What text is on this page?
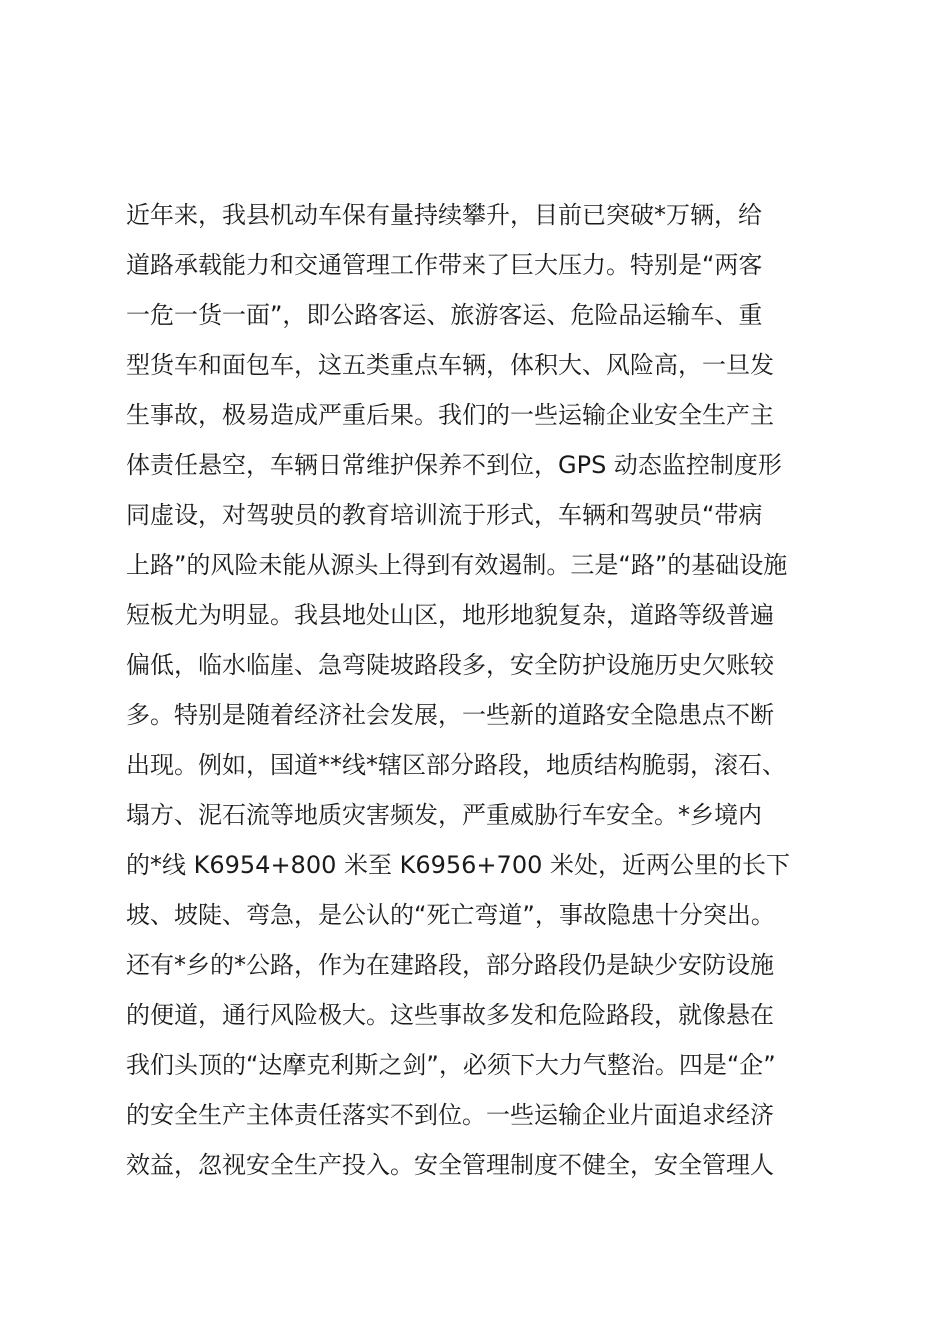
近年来，我县机动车保有量持续攀升，目前已突破*万辆，给
道路承载能力和交通管理工作带来了巨大压力。特别是“两客
一危一货一面”，即公路客运、旅游客运、危险品运输车、重
型货车和面包车，这五类重点车辆，体积大、风险高，一旦发
生事故，极易造成严重后果。我们的一些运输企业安全生产主
体责任悬空，车辆日常维护保养不到位，GPS 动态监控制度形
同虚设，对驾驶员的教育培训流于形式，车辆和驾驶员“带病
上路”的风险未能从源头上得到有效遏制。三是“路”的基础设施
短板尤为明显。我县地处山区，地形地貌复杂，道路等级普遍
偏低，临水临崖、急弯陡坡路段多，安全防护设施历史欠账较
多。特别是随着经济社会发展，一些新的道路安全隐患点不断
出现。例如，国道**线*辖区部分路段，地质结构脆弱，滚石、
塌方、泥石流等地质灾害频发，严重威胁行车安全。*乡境内
的*线 K6954+800 米至 K6956+700 米处，近两公里的长下
坡、坡陡、弯急，是公认的“死亡弯道”，事故隐患十分突出。
还有*乡的*公路，作为在建路段，部分路段仍是缺少安防设施
的便道，通行风险极大。这些事故多发和危险路段，就像悬在
我们头顶的“达摩克利斯之剑”，必须下大力气整治。四是“企”
的安全生产主体责任落实不到位。一些运输企业片面追求经济
效益，忽视安全生产投入。安全管理制度不健全，安全管理人
